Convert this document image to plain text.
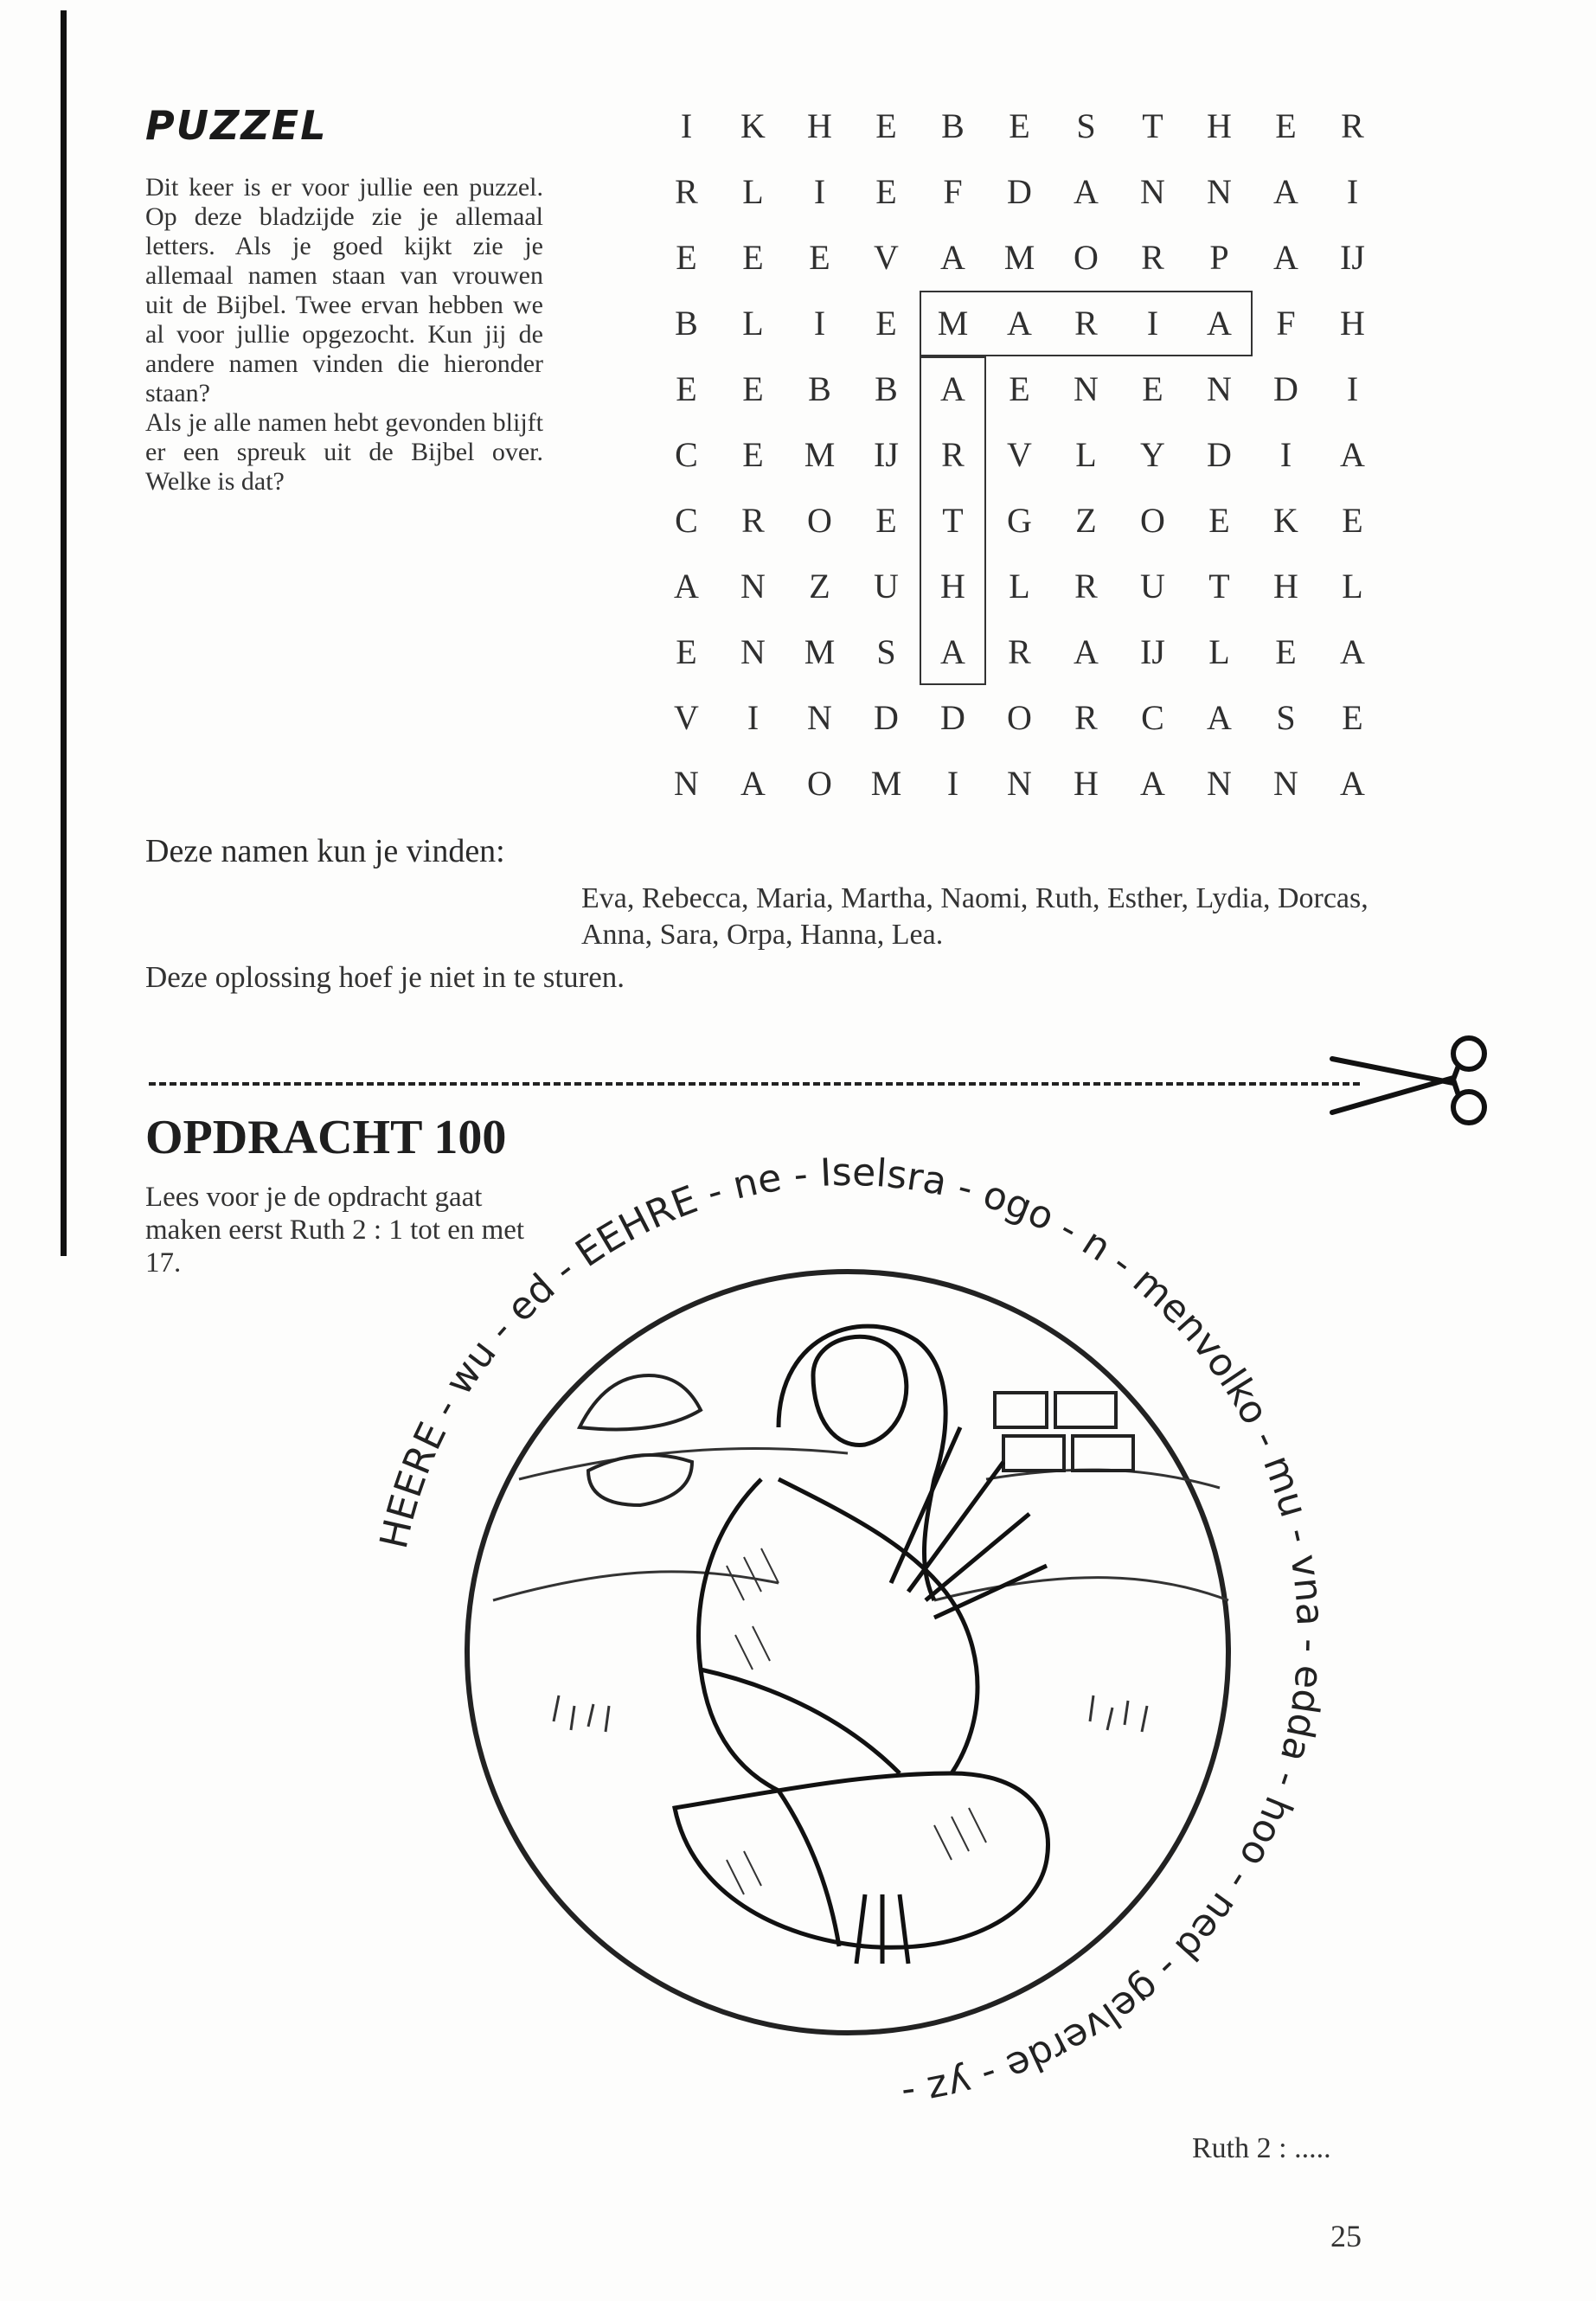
PUZZEL

Dit keer is er voor jullie een puzzel. Op deze bladzijde zie je allemaal letters. Als je goed kijkt zie je allemaal namen staan van vrouwen uit de Bijbel. Twee ervan hebben we al voor jullie opgezocht. Kun jij de andere namen vinden die hieronder staan?

Als je alle namen hebt gevonden blijft er een spreuk uit de Bijbel over. Welke is dat?

I	K	H	E	B	E	S	T	H	E	R
R	L	I	E	F	D	A	N	N	A	I
E	E	E	V	A	M	O	R	P	A	IJ
B	L	I	E	M	A	R	I	A	F	H
E	E	B	B	A	E	N	E	N	D	I
C	E	M	IJ	R	V	L	Y	D	I	A
C	R	O	E	T	G	Z	O	E	K	E
A	N	Z	U	H	L	R	U	T	H	L
E	N	M	S	A	R	A	IJ	L	E	A
V	I	N	D	D	O	R	C	A	S	E
N	A	O	M	I	N	H	A	N	N	A
Deze namen kun je vinden:
Eva, Rebecca, Maria, Martha, Naomi, Ruth, Esther, Lydia, Dorcas, Anna, Sara, Orpa, Hanna, Lea.
Deze oplossing hoef je niet in te sturen.
OPDRACHT 100
Lees voor je de opdracht gaat maken eerst Ruth 2 : 1 tot en met 17.
HEERE - wu - ed - EEHRE - ne - Iselsra - ogo - n - menvolko - mu - vna - edda - hoo - ned - gelverde - yz -
Ruth 2 : .....
25
